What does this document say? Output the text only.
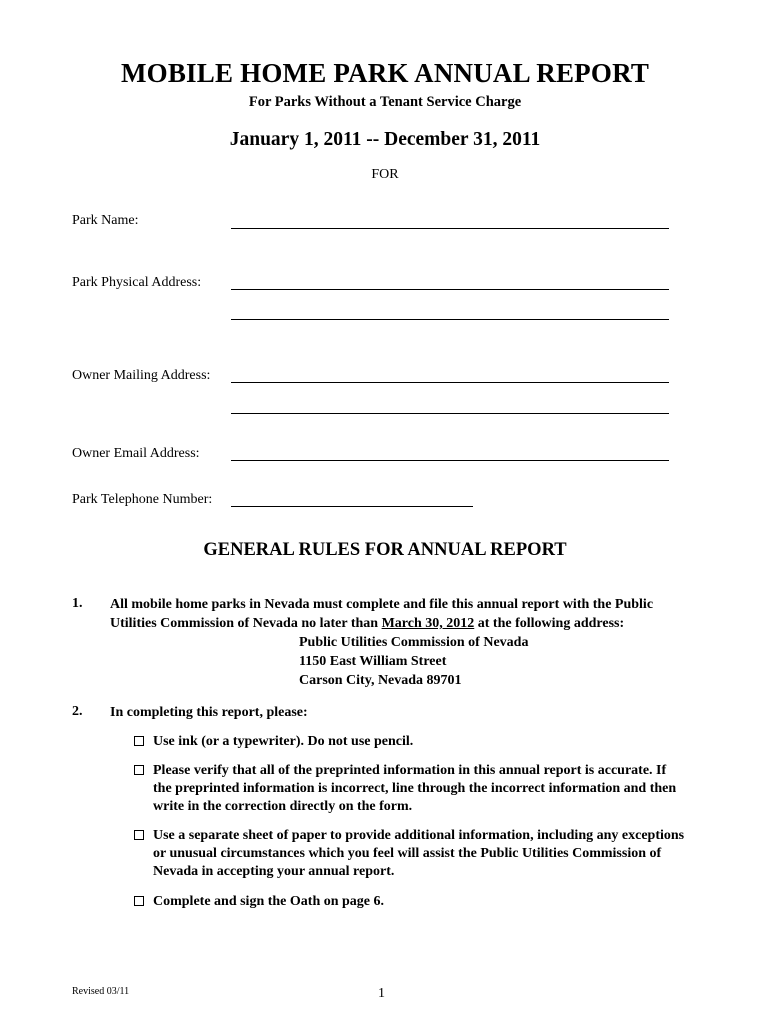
MOBILE HOME PARK ANNUAL REPORT
For Parks Without a Tenant Service Charge
January 1, 2011 -- December 31, 2011
FOR
Park Name:
Park Physical Address:
Owner Mailing Address:
Owner Email Address:
Park Telephone Number:
GENERAL RULES FOR ANNUAL REPORT
1. All mobile home parks in Nevada must complete and file this annual report with the Public
Utilities Commission of Nevada no later than March 30, 2012 at the following address:
Public Utilities Commission of Nevada
1150 East William Street
Carson City, Nevada 89701
2. In completing this report, please:
Use ink (or a typewriter). Do not use pencil.
Please verify that all of the preprinted information in this annual report is accurate. If the preprinted information is incorrect, line through the incorrect information and then write in the correction directly on the form.
Use a separate sheet of paper to provide additional information, including any exceptions or unusual circumstances which you feel will assist the Public Utilities Commission of Nevada in accepting your annual report.
Complete and sign the Oath on page 6.
Revised 03/11	1
